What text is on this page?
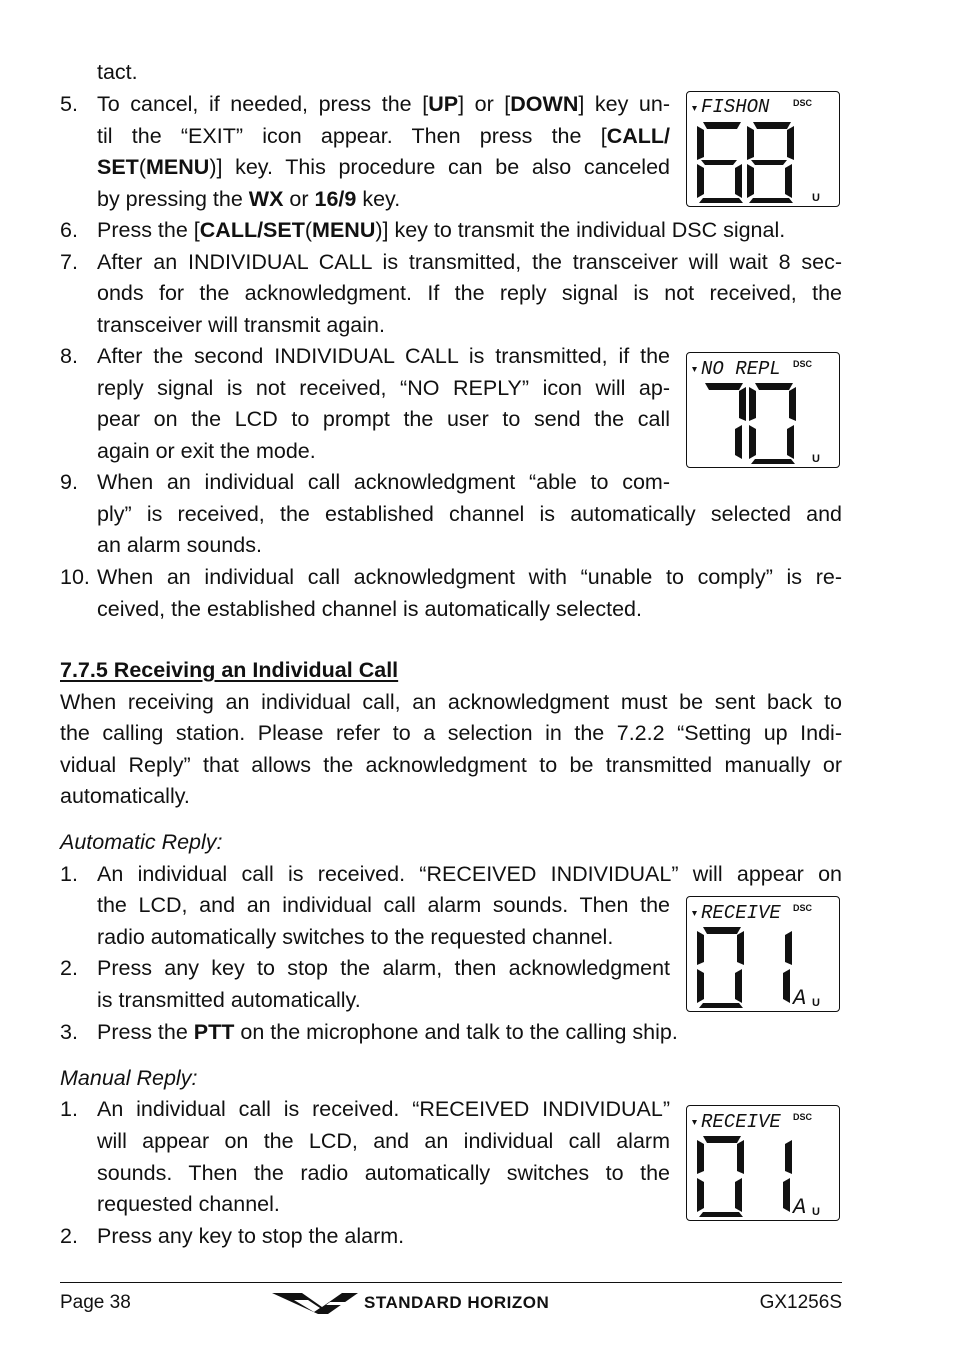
tact.
5. To cancel, if needed, press the [UP] or [DOWN] key un-
til the “EXIT” icon appear. Then press the [CALL/
SET(MENU)] key. This procedure can be also canceled
by pressing the WX or 16/9 key.
FISHON	DSC
U
6. Press the [CALL/SET(MENU)] key to transmit the individual DSC signal.
7. After an INDIVIDUAL CALL is transmitted, the transceiver will wait 8 sec-
onds for the acknowledgment. If the reply signal is not received, the
transceiver will transmit again.
8. After the second INDIVIDUAL CALL is transmitted, if the
reply signal is not received, “NO REPLY” icon will ap-
pear on the LCD to prompt the user to send the call
again or exit the mode.
NO REPL DSC
U
9. When an individual call acknowledgment “able to com-
ply” is received, the established channel is automatically selected and
an alarm sounds.
10. When an individual call acknowledgment with “unable to comply” is re-
ceived, the established channel is automatically selected.
7.7.5 Receiving an Individual Call
When receiving an individual call, an acknowledgment must be sent back to
the calling station. Please refer to a selection in the 7.2.2 “Setting up Indi-
vidual Reply” that allows the acknowledgment to be transmitted manually or
automatically.
Automatic Reply:
1. An individual call is received. “RECEIVED INDIVIDUAL” will appear on
the LCD, and an individual call alarm sounds. Then the
radio automatically switches to the requested channel.
2. Press any key to stop the alarm, then acknowledgment
is transmitted automatically.
3. Press the PTT on the microphone and talk to the calling ship.
RECEIVE DSC
A U
Manual Reply:
1. An individual call is received. “RECEIVED INDIVIDUAL”
will appear on the LCD, and an individual call alarm
sounds. Then the radio automatically switches to the
requested channel.
2. Press any key to stop the alarm.
RECEIVE DSC
A U
Page 38	STANDARD HORIZON	GX1256S
